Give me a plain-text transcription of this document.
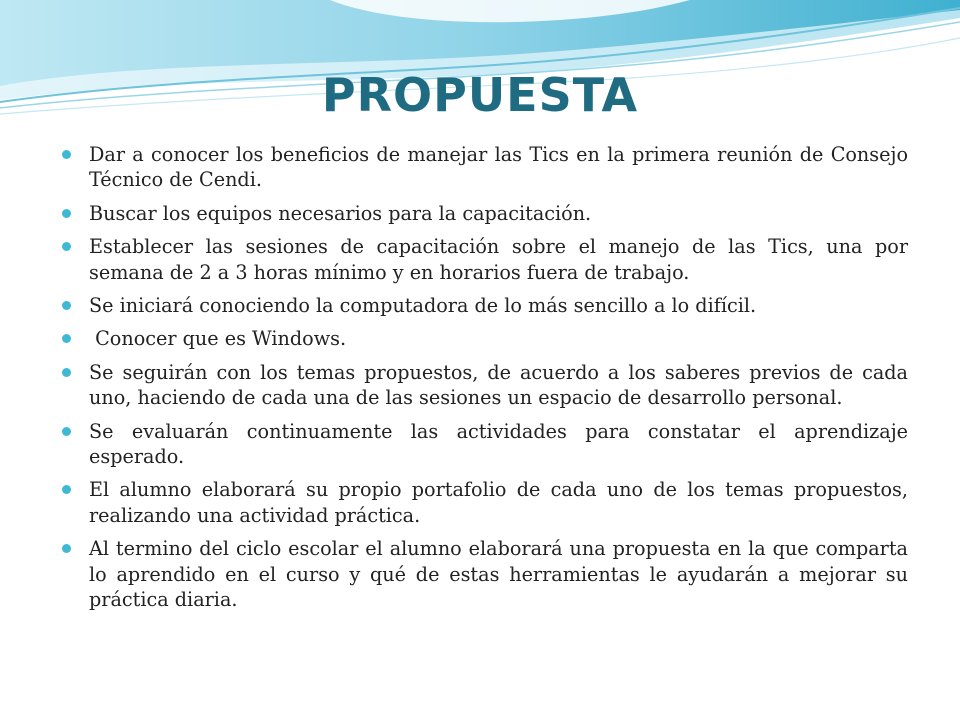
PROPUESTA
Dar a conocer los beneficios de manejar las Tics en la primera reunión de Consejo Técnico de Cendi.
Buscar los equipos necesarios para la capacitación.
Establecer las sesiones de capacitación sobre el manejo de las Tics, una por semana de 2 a 3 horas mínimo y en horarios fuera de trabajo.
Se iniciará conociendo la computadora de lo más sencillo a lo difícil.
Conocer que es Windows.
Se seguirán con los temas propuestos, de acuerdo a los saberes previos de cada uno, haciendo de cada una de las sesiones un espacio de desarrollo personal.
Se evaluarán continuamente las actividades para constatar el aprendizaje esperado.
El alumno elaborará su propio portafolio de cada uno de los temas propuestos, realizando una actividad práctica.
Al termino del ciclo escolar el alumno elaborará una propuesta en la que comparta lo aprendido en el curso y qué de estas herramientas le ayudarán a mejorar su práctica diaria.
